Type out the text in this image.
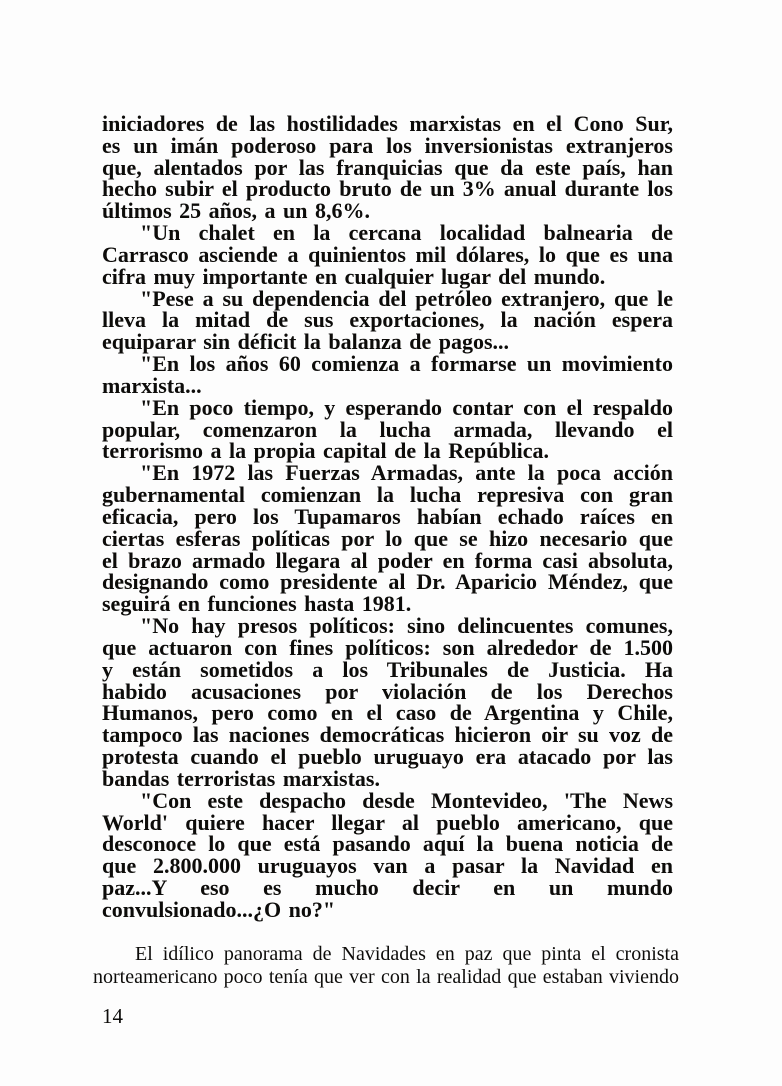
iniciadores de las hostilidades marxistas en el Cono Sur,
es un imán poderoso para los inversionistas extranjeros
que, alentados por las franquicias que da este país, han
hecho subir el producto bruto de un 3% anual durante los
últimos 25 años, a un 8,6%.
"Un chalet en la cercana localidad balnearia de
Carrasco asciende a quinientos mil dólares, lo que es una
cifra muy importante en cualquier lugar del mundo.
"Pese a su dependencia del petróleo extranjero, que le
lleva la mitad de sus exportaciones, la nación espera
equiparar sin déficit la balanza de pagos...
"En los años 60 comienza a formarse un movimiento
marxista...
"En poco tiempo, y esperando contar con el respaldo
popular, comenzaron la lucha armada, llevando el
terrorismo a la propia capital de la República.
"En 1972 las Fuerzas Armadas, ante la poca acción
gubernamental comienzan la lucha represiva con gran
eficacia, pero los Tupamaros habían echado raíces en
ciertas esferas políticas por lo que se hizo necesario que
el brazo armado llegara al poder en forma casi absoluta,
designando como presidente al Dr. Aparicio Méndez, que
seguirá en funciones hasta 1981.
"No hay presos políticos: sino delincuentes comunes,
que actuaron con fines políticos: son alrededor de 1.500
y están sometidos a los Tribunales de Justicia. Ha
habido acusaciones por violación de los Derechos
Humanos, pero como en el caso de Argentina y Chile,
tampoco las naciones democráticas hicieron oir su voz de
protesta cuando el pueblo uruguayo era atacado por las
bandas terroristas marxistas.
"Con este despacho desde Montevideo, 'The News
World' quiere hacer llegar al pueblo americano, que
desconoce lo que está pasando aquí la buena noticia de
que 2.800.000 uruguayos van a pasar la Navidad en
paz...Y eso es mucho decir en un mundo
convulsionado...¿O no?"
El idílico panorama de Navidades en paz que pinta el cronista
norteamericano poco tenía que ver con la realidad que estaban viviendo
14
